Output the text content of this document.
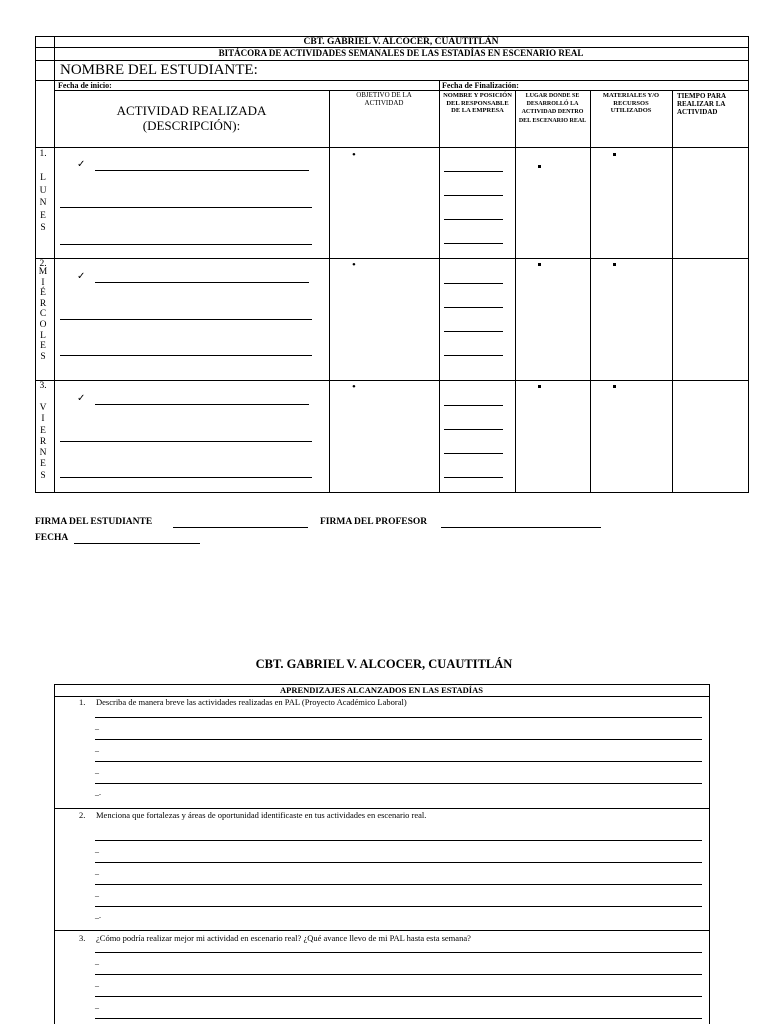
CBT. GABRIEL V. ALCOCER, CUAUTITLÁN
BITÁCORA DE ACTIVIDADES SEMANALES DE LAS ESTADÍAS EN ESCENARIO REAL
NOMBRE DEL ESTUDIANTE:
Fecha de inicio:	Fecha de Finalización:
ACTIVIDAD REALIZADA
(DESCRIPCIÓN):
OBJETIVO DE LA ACTIVIDAD
NOMBRE Y POSICIÓN DEL RESPONSABLE DE LA EMPRESA
LUGAR DONDE SE DESARROLLÓ LA ACTIVIDAD DENTRO DEL ESCENARIO REAL
MATERIALES Y/O RECURSOS UTILIZADOS
TIEMPO PARA REALIZAR LA ACTIVIDAD
1.
L
U
N
E
S
✓
•
2.
M
I
É
R
C
O
L
E
S
✓
•
3.
V
I
E
R
N
E
S
✓
•
FIRMA DEL ESTUDIANTE	FIRMA DEL PROFESOR
FECHA
CBT. GABRIEL V. ALCOCER, CUAUTITLÁN
APRENDIZAJES ALCANZADOS EN LAS ESTADÍAS
1. Describa de manera breve las actividades realizadas en PAL (Proyecto Académico Laboral)
_
_
_
_.
2. Menciona que fortalezas y áreas de oportunidad identificaste en tus actividades en escenario real.
_
_
_
_.
3. ¿Cómo podría realizar mejor mi actividad en escenario real? ¿Qué avance llevo de mi PAL hasta esta semana?
_
_
_
